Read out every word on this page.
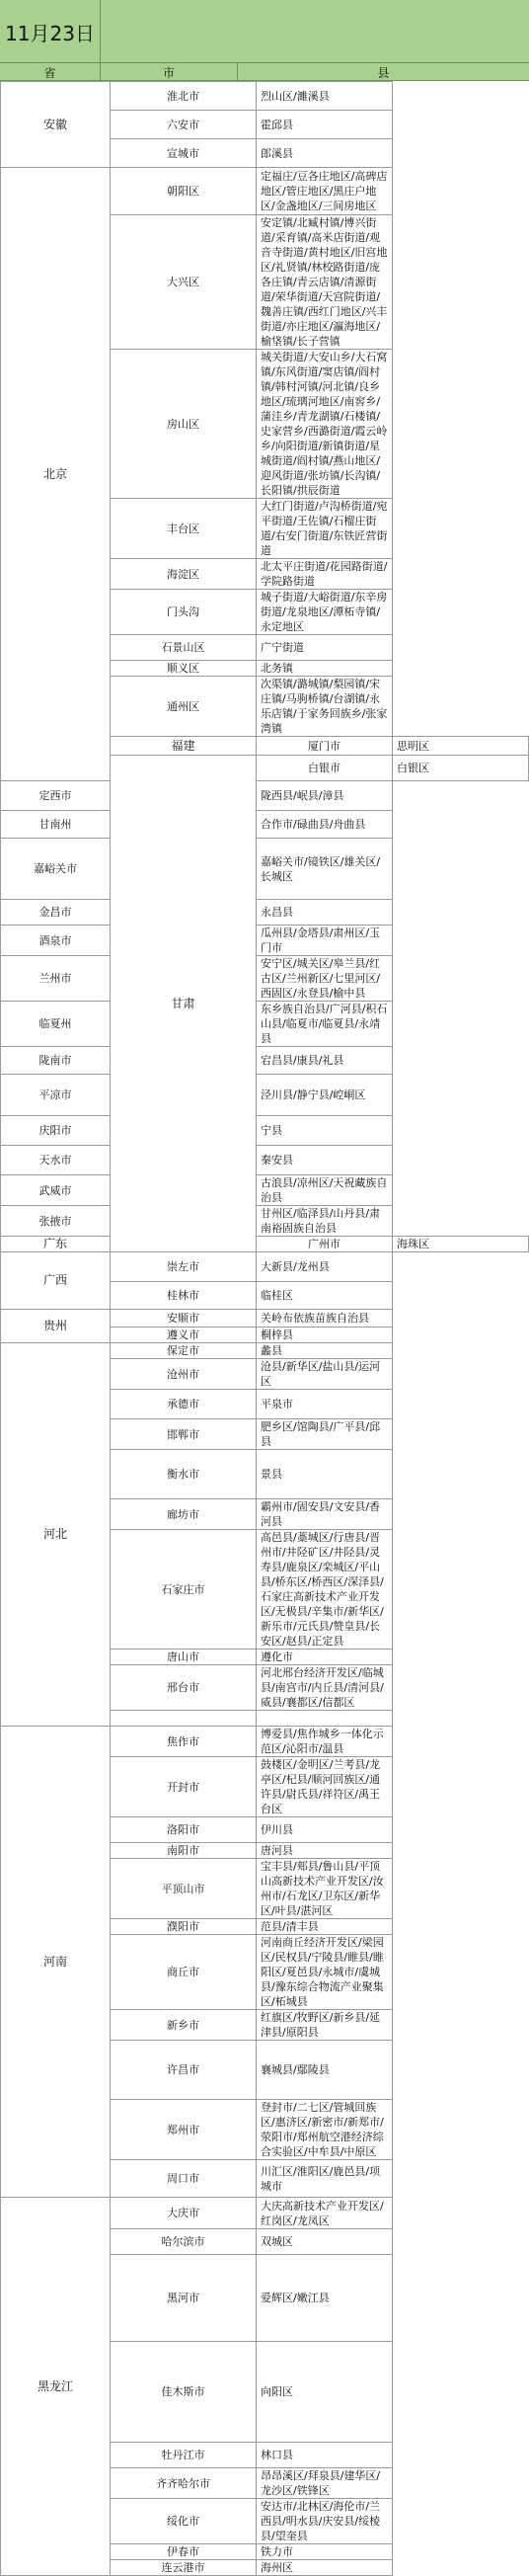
11月23日
省	市	县
安徽	淮北市	烈山区/濉溪县	
	六安市	霍邱县	
	宣城市	郎溪县	
北京	朝阳区	定福庄/豆各庄地区/高碑店地区/管庄地区/黑庄户地区/金盏地区/三间房地区	
	大兴区	安定镇/北臧村镇/博兴街道/采育镇/高米店街道/观音寺街道/黄村地区/旧宫地区/礼贤镇/林校路街道/庞各庄镇/青云店镇/清源街道/荣华街道/天宫院街道/魏善庄镇/西红门地区/兴丰街道/亦庄地区/瀛海地区/榆垡镇/长子营镇	
	房山区	城关街道/大安山乡/大石窝镇/东风街道/窦店镇/阎村镇/韩村河镇/河北镇/良乡地区/琉璃河地区/南窖乡/蒲洼乡/青龙湖镇/石楼镇/史家营乡/西潞街道/霞云岭乡/向阳街道/新镇街道/星城街道/阎村镇/燕山地区/迎风街道/张坊镇/长沟镇/长阳镇/拱辰街道	
	丰台区	大红门街道/卢沟桥街道/宛平街道/王佐镇/石榴庄街道/右安门街道/东铁匠营街道	
	海淀区	北太平庄街道/花园路街道/学院路街道	
	门头沟	城子街道/大峪街道/东辛房街道/龙泉地区/潭柘寺镇/永定地区	
	石景山区	广宁街道	
	顺义区	北务镇	
	通州区	次渠镇/潞城镇/梨园镇/宋庄镇/马驹桥镇/台湖镇/永乐店镇/于家务回族乡/张家湾镇	
	福建	厦门市	思明区
	甘肃	白银市	白银区
定西市		陇西县/岷县/漳县	
甘南州		合作市/碌曲县/舟曲县	
嘉峪关市		嘉峪关市/镜铁区/雄关区/长城区	
金昌市		永昌县	
酒泉市		瓜州县/金塔县/肃州区/玉门市	
兰州市		安宁区/城关区/皋兰县/红古区/兰州新区/七里河区/西固区/永登县/榆中县	
临夏州		东乡族自治县/广河县/积石山县/临夏市/临夏县/永靖县	
陇南市		宕昌县/康县/礼县	
平凉市		泾川县/静宁县/崆峒区	
庆阳市		宁县	
天水市		秦安县	
武威市		古浪县/凉州区/天祝藏族自治县	
张掖市		甘州区/临泽县/山丹县/肃南裕固族自治县	
广东		广州市	海珠区
广西	崇左市	大新县/龙州县	
	桂林市	临桂区	
贵州	安顺市	关岭布依族苗族自治县	
	遵义市	桐梓县	
河北	保定市	蠡县	
	沧州市	沧县/新华区/盐山县/运河区	
	承德市	平泉市	
	邯郸市	肥乡区/馆陶县/广平县/邱县	
	衡水市	景县	
	廊坊市	霸州市/固安县/文安县/香河县	
	石家庄市	高邑县/藁城区/行唐县/晋州市/井陉矿区/井陉县/灵寿县/鹿泉区/栾城区/平山县/桥东区/桥西区/深泽县/石家庄高新技术产业开发区/无极县/辛集市/新华区/新乐市/元氏县/赞皇县/长安区/赵县/正定县	
	唐山市	遵化市	
	邢台市	河北邢台经济开发区/临城县/南宫市/内丘县/清河县/威县/襄都区/信都区	

河南	焦作市	博爱县/焦作城乡一体化示范区/沁阳市/温县	
	开封市	鼓楼区/金明区/兰考县/龙亭区/杞县/顺河回族区/通许县/尉氏县/祥符区/禹王台区	
	洛阳市	伊川县	
	南阳市	唐河县	
	平顶山市	宝丰县/郏县/鲁山县/平顶山高新技术产业开发区/汝州市/石龙区/卫东区/新华区/叶县/湛河区	
	濮阳市	范县/清丰县	
	商丘市	河南商丘经济开发区/梁园区/民权县/宁陵县/睢县/睢阳区/夏邑县/永城市/虞城县/豫东综合物流产业聚集区/柘城县	
	新乡市	红旗区/牧野区/新乡县/延津县/原阳县	
	许昌市	襄城县/鄢陵县	
	郑州市	登封市/二七区/管城回族区/惠济区/新密市/新郑市/荥阳市/郑州航空港经济综合实验区/中牟县/中原区	
	周口市	川汇区/淮阳区/鹿邑县/项城市	
黑龙江	大庆市	大庆高新技术产业开发区/红岗区/龙凤区	
	哈尔滨市	双城区	
	黑河市	爱辉区/嫩江县	
	佳木斯市	向阳区	
	牡丹江市	林口县	
	齐齐哈尔市	昂昂溪区/拜泉县/建华区/龙沙区/铁锋区	
	绥化市	安达市/北林区/海伦市/兰西县/明水县/庆安县/绥棱县/望奎县	
	伊春市	铁力市	
	连云港市	海州区	
